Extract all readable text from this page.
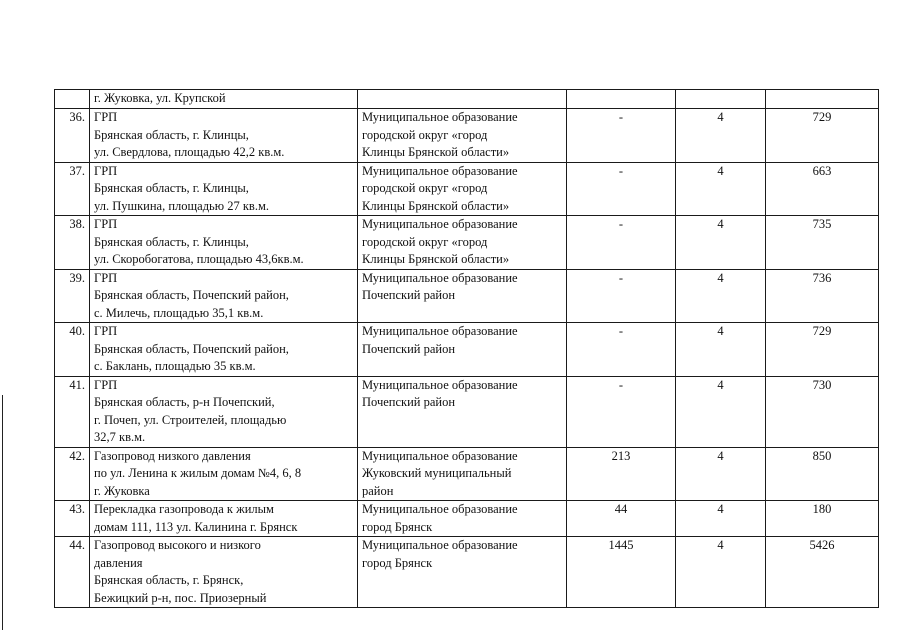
	г. Жуковка, ул. Крупской				

36.	ГРП
Брянская область, г. Клинцы,
ул. Свердлова, площадью 42,2 кв.м.	Муниципальное образование
городской округ «город
Клинцы Брянской области»	-	4	729
37.	ГРП
Брянская область, г. Клинцы,
ул. Пушкина, площадью 27 кв.м.	Муниципальное образование
городской округ «город
Клинцы Брянской области»	-	4	663
38.	ГРП
Брянская область, г. Клинцы,
ул. Скоробогатова, площадью 43,6кв.м.	Муниципальное образование
городской округ «город
Клинцы Брянской области»	-	4	735
39.	ГРП
Брянская область, Почепский район,
с. Милечь, площадью 35,1 кв.м.	Муниципальное образование
Почепский район	-	4	736
40.	ГРП
Брянская область, Почепский район,
с. Баклань, площадью 35 кв.м.	Муниципальное образование
Почепский район	-	4	729
41.	ГРП
Брянская область, р-н Почепский,
г. Почеп, ул. Строителей, площадью
32,7 кв.м.	Муниципальное образование
Почепский район	-	4	730
42.	Газопровод низкого давления
по ул. Ленина к жилым домам №4, 6, 8
г. Жуковка	Муниципальное образование
Жуковский муниципальный
район	213	4	850
43.	Перекладка газопровода к жилым
домам 111, 113 ул. Калинина г. Брянск	Муниципальное образование
город Брянск	44	4	180
44.	Газопровод высокого и низкого
давления
Брянская область, г. Брянск,
Бежицкий р-н, пос. Приозерный	Муниципальное образование
город Брянск	1445	4	5426
